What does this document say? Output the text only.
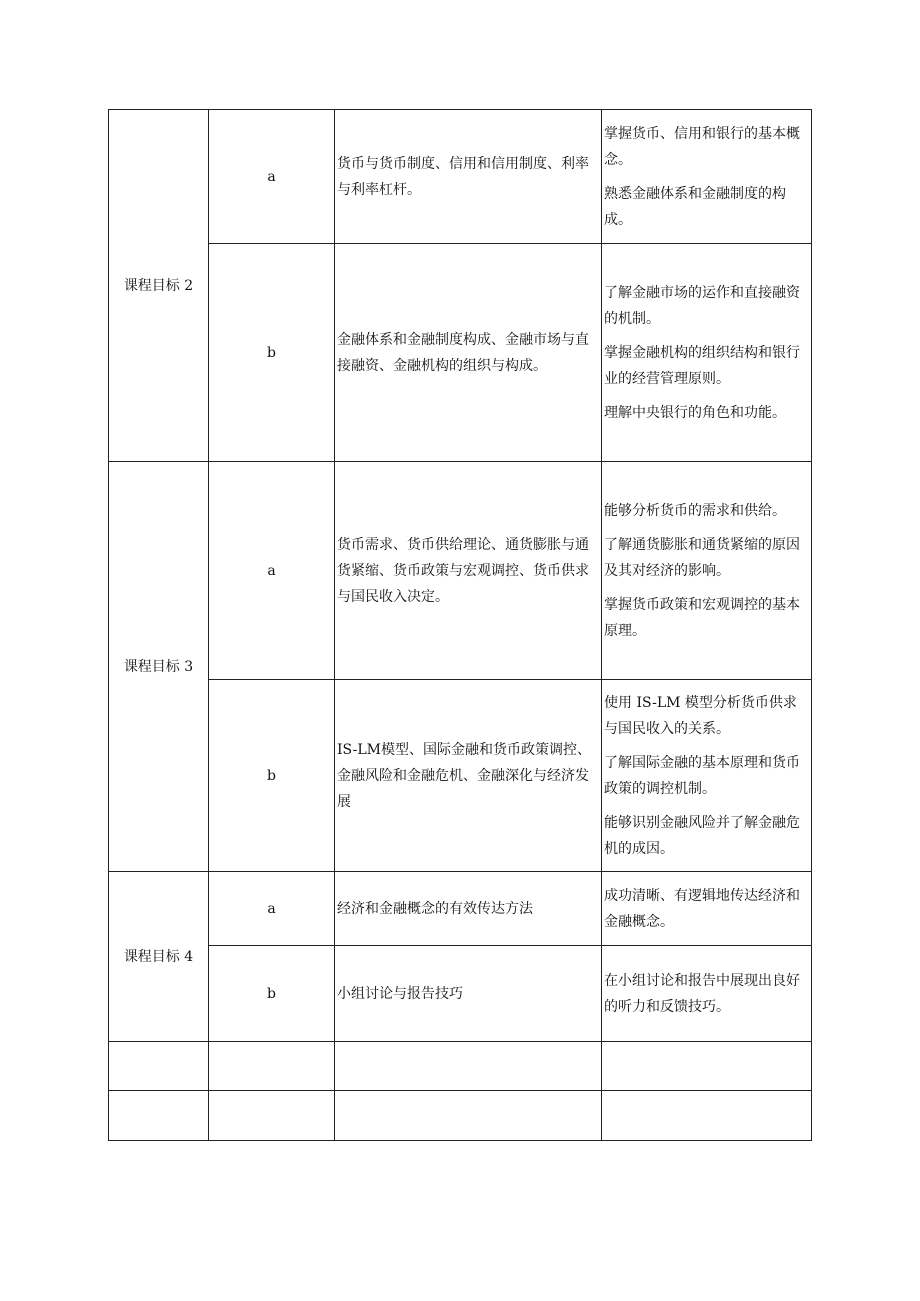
课程目标 2	a	货币与货币制度、信用和信用制度、利率与利率杠杆。	掌握货币、信用和银行的基本概念。

熟悉金融体系和金融制度的构成。

	b	金融体系和金融制度构成、金融市场与直接融资、金融机构的组织与构成。	了解金融市场的运作和直接融资的机制。

掌握金融机构的组织结构和银行业的经营管理原则。

理解中央银行的角色和功能。

课程目标 3	a	货币需求、货币供给理论、通货膨胀与通货紧缩、货币政策与宏观调控、货币供求与国民收入决定。	能够分析货币的需求和供给。

了解通货膨胀和通货紧缩的原因及其对经济的影响。

掌握货币政策和宏观调控的基本原理。

	b	IS-LM模型、国际金融和货币政策调控、金融风险和金融危机、金融深化与经济发展	使用 IS-LM 模型分析货币供求与国民收入的关系。

了解国际金融的基本原理和货币政策的调控机制。

能够识别金融风险并了解金融危机的成因。

课程目标 4	a	经济和金融概念的有效传达方法	成功清晰、有逻辑地传达经济和金融概念。

	b	小组讨论与报告技巧	在小组讨论和报告中展现出良好的听力和反馈技巧。
